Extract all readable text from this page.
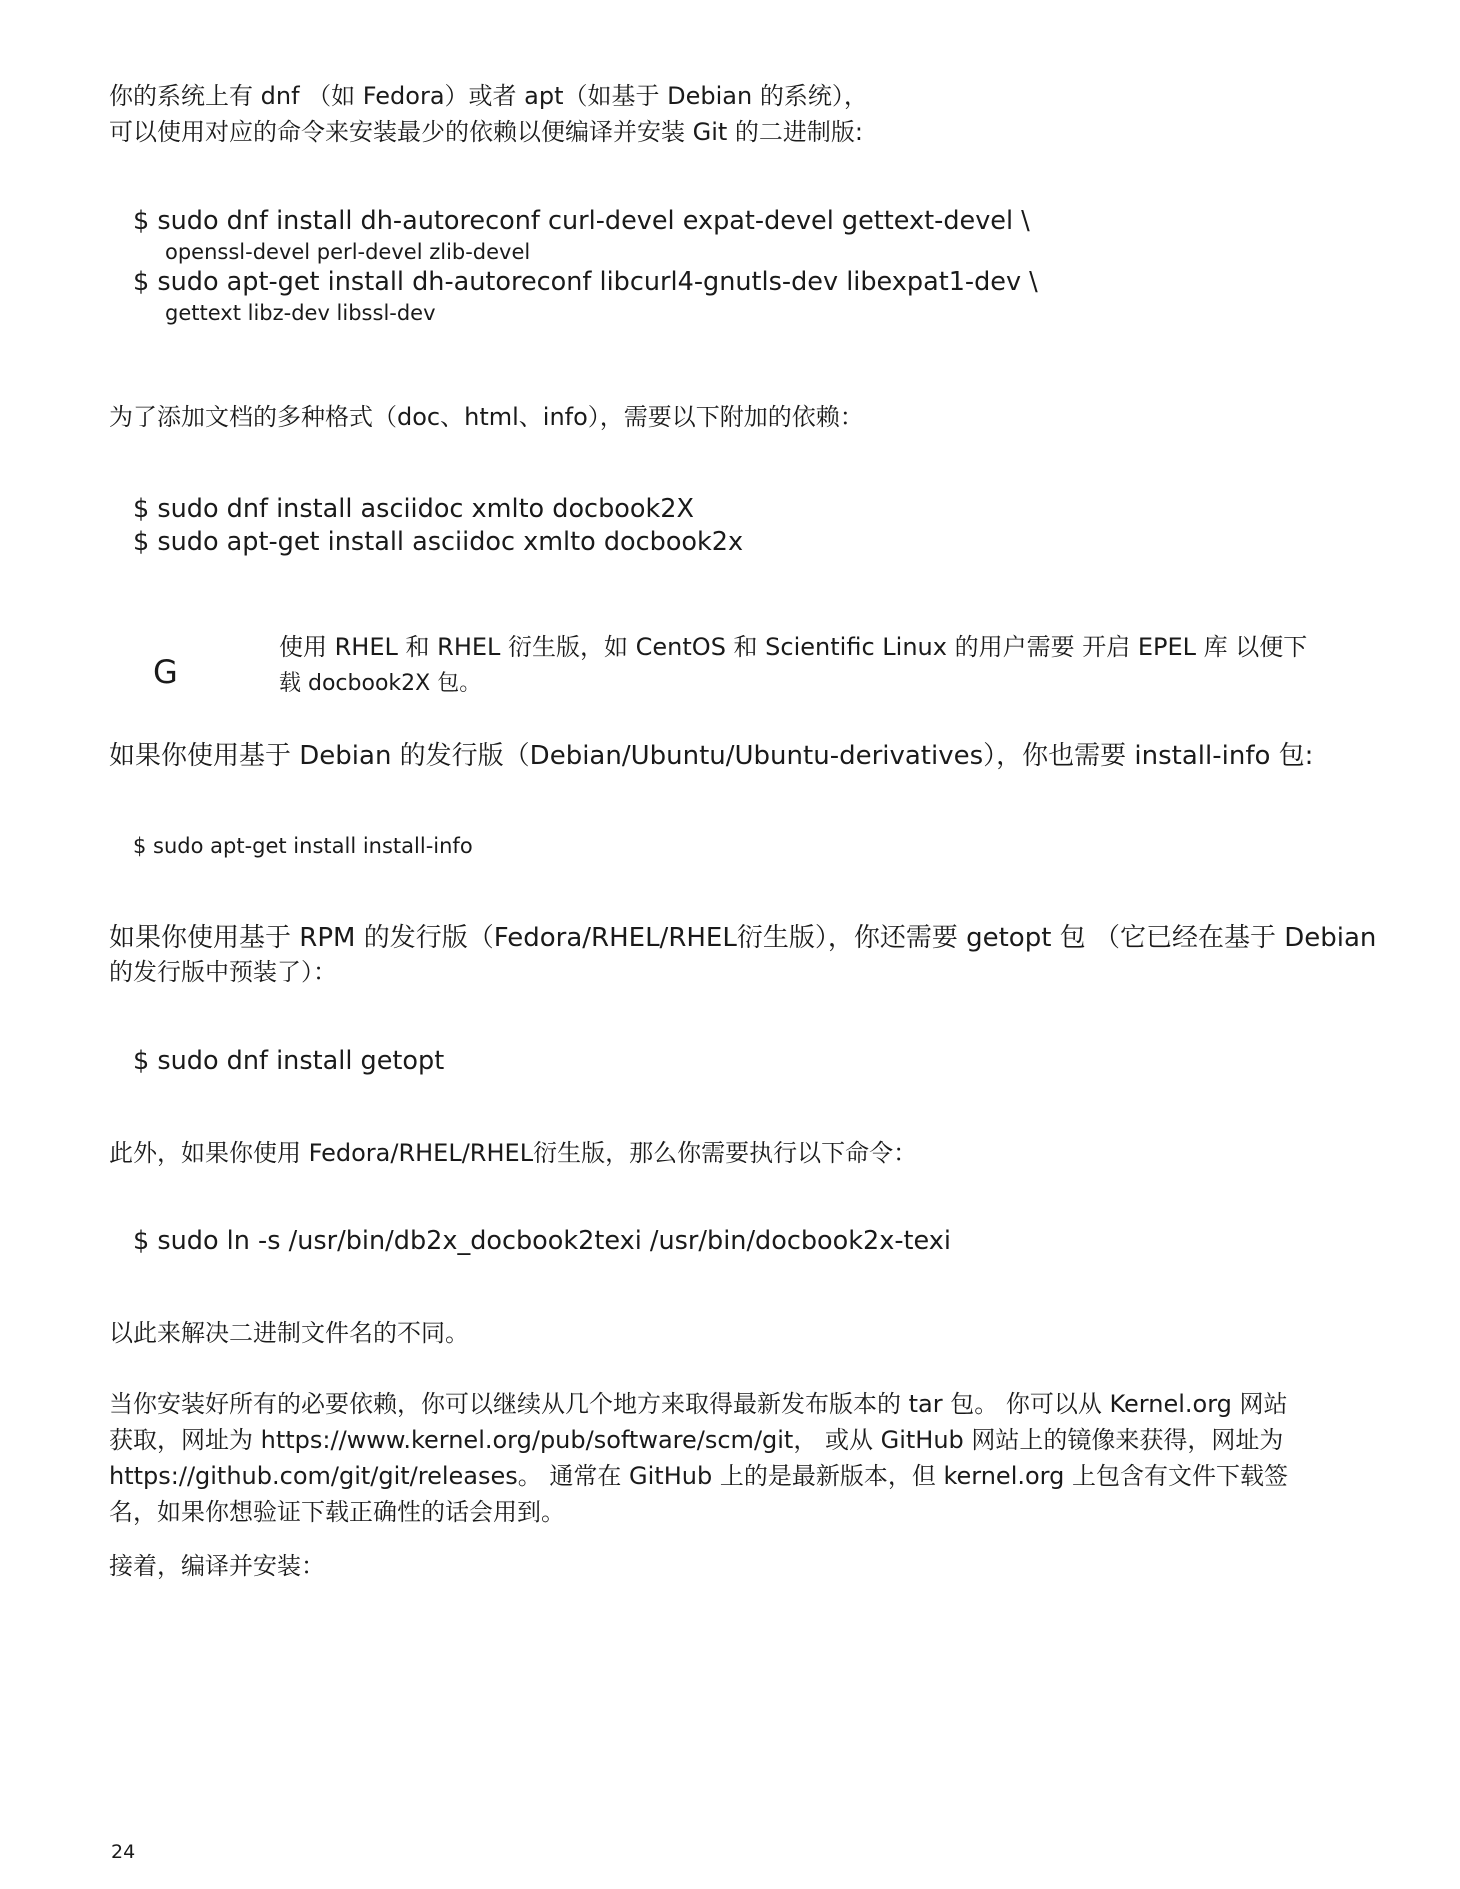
你的系统上有 dnf （如 Fedora）或者 apt（如基于 Debian 的系统），
可以使用对应的命令来安装最少的依赖以便编译并安装 Git 的二进制版:
$ sudo dnf install dh-autoreconf curl-devel expat-devel gettext-devel \
openssl-devel perl-devel zlib-devel
$ sudo apt-get install dh-autoreconf libcurl4-gnutls-dev libexpat1-dev \
gettext libz-dev libssl-dev
为了添加文档的多种格式（doc、html、info），需要以下附加的依赖：
$ sudo dnf install asciidoc xmlto docbook2X
$ sudo apt-get install asciidoc xmlto docbook2x
G
使用 RHEL 和 RHEL 衍生版，如 CentOS 和 Scientific Linux 的用户需要 开启 EPEL 库 以便下
载 docbook2X 包。
如果你使用基于 Debian 的发行版（Debian/Ubuntu/Ubuntu-derivatives），你也需要 install-info 包:
$ sudo apt-get install install-info
如果你使用基于 RPM 的发行版（Fedora/RHEL/RHEL衍生版），你还需要 getopt 包 （它已经在基于 Debian
的发行版中预装了）：
$ sudo dnf install getopt
此外，如果你使用 Fedora/RHEL/RHEL衍生版，那么你需要执行以下命令：
$ sudo ln -s /usr/bin/db2x_docbook2texi /usr/bin/docbook2x-texi
以此来解决二进制文件名的不同。
当你安装好所有的必要依赖，你可以继续从几个地方来取得最新发布版本的 tar 包。 你可以从 Kernel.org 网站
获取，网址为 https://www.kernel.org/pub/software/scm/git， 或从 GitHub 网站上的镜像来获得，网址为
https://github.com/git/git/releases。 通常在 GitHub 上的是最新版本，但 kernel.org 上包含有文件下载签
名，如果你想验证下载正确性的话会用到。
接着，编译并安装：
24
